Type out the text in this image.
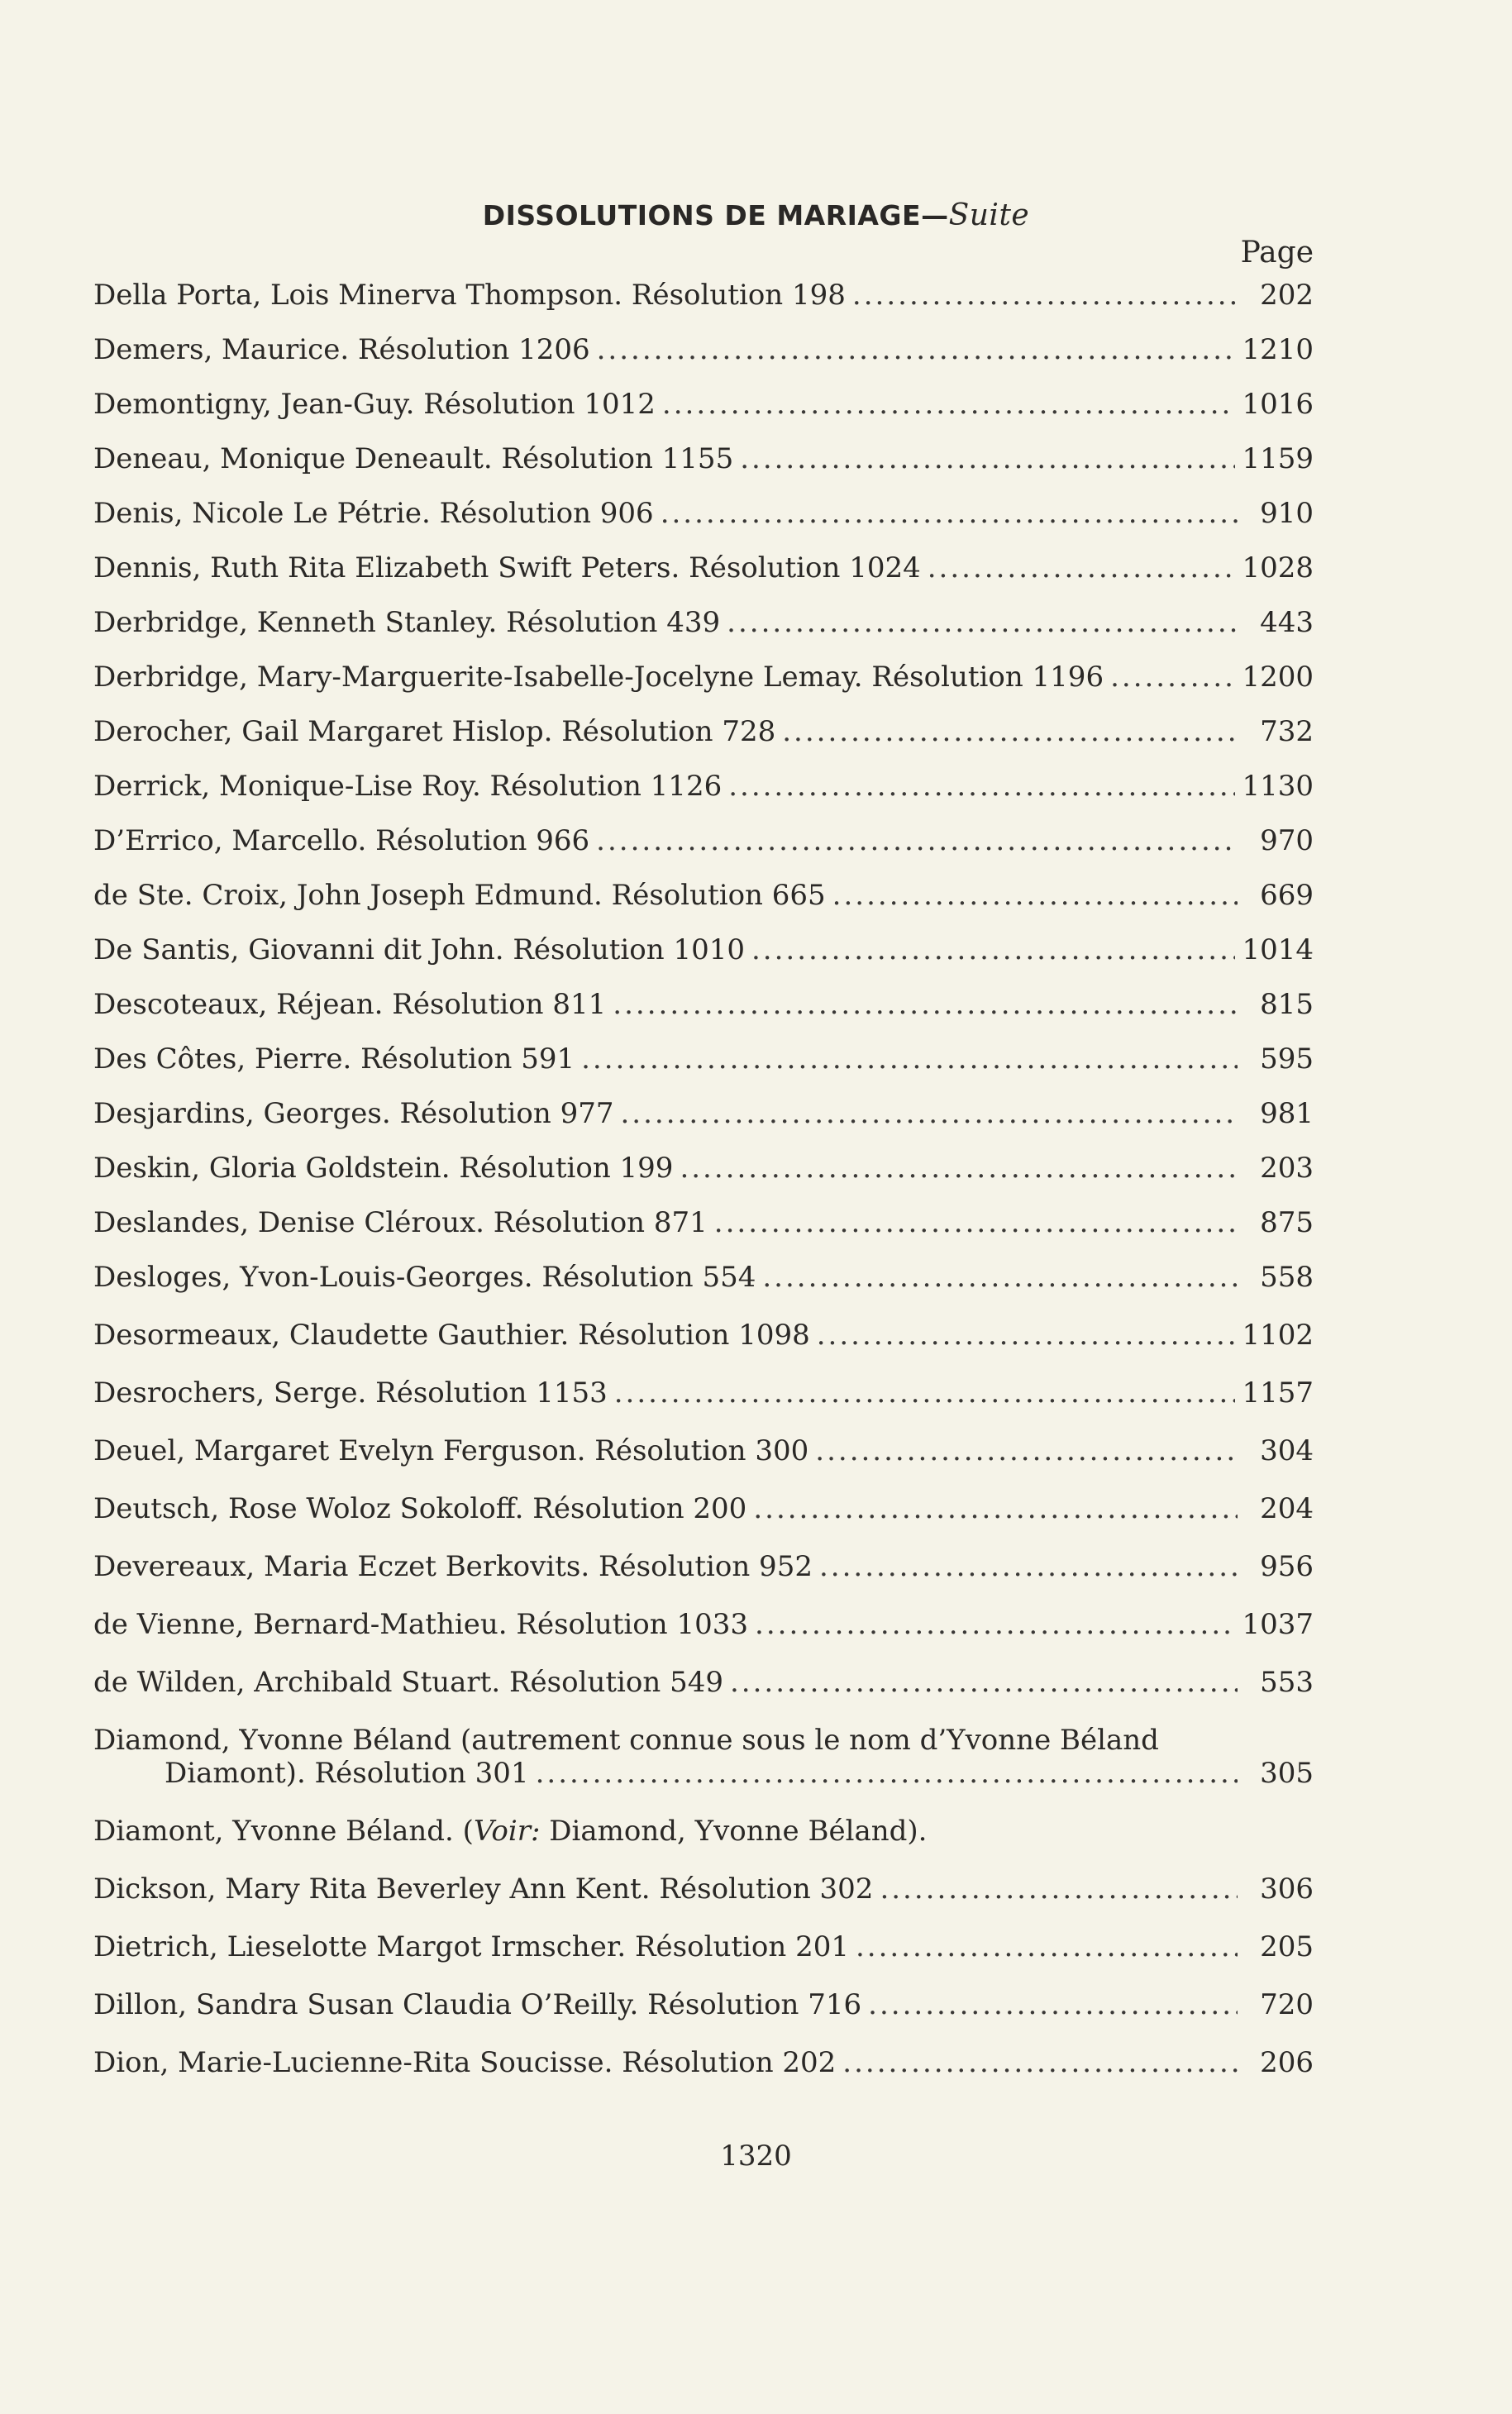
DISSOLUTIONS DE MARIAGE—Suite
Page
Della Porta, Lois Minerva Thompson. Résolution 198 .....	202
Demers, Maurice. Résolution 1206 .....	1210
Demontigny, Jean-Guy. Résolution 1012 .....	1016
Deneau, Monique Deneault. Résolution 1155 .....	1159
Denis, Nicole Le Pétrie. Résolution 906 .....	910
Dennis, Ruth Rita Elizabeth Swift Peters. Résolution 1024 .....	1028
Derbridge, Kenneth Stanley. Résolution 439 .....	443
Derbridge, Mary-Marguerite-Isabelle-Jocelyne Lemay. Résolution 1196 .....	1200
Derocher, Gail Margaret Hislop. Résolution 728 .....	732
Derrick, Monique-Lise Roy. Résolution 1126 .....	1130
D’Errico, Marcello. Résolution 966 .....	970
de Ste. Croix, John Joseph Edmund. Résolution 665 .....	669
De Santis, Giovanni dit John. Résolution 1010 .....	1014
Descoteaux, Réjean. Résolution 811 .....	815
Des Côtes, Pierre. Résolution 591 .....	595
Desjardins, Georges. Résolution 977 .....	981
Deskin, Gloria Goldstein. Résolution 199 .....	203
Deslandes, Denise Cléroux. Résolution 871 .....	875
Desloges, Yvon-Louis-Georges. Résolution 554 .....	558
Desormeaux, Claudette Gauthier. Résolution 1098 .....	1102
Desrochers, Serge. Résolution 1153 .....	1157
Deuel, Margaret Evelyn Ferguson. Résolution 300 .....	304
Deutsch, Rose Woloz Sokoloff. Résolution 200 .....	204
Devereaux, Maria Eczet Berkovits. Résolution 952 .....	956
de Vienne, Bernard-Mathieu. Résolution 1033 .....	1037
de Wilden, Archibald Stuart. Résolution 549 .....	553
Diamond, Yvonne Béland (autrement connue sous le nom d’Yvonne Béland
Diamont). Résolution 301 .....	305
Diamont, Yvonne Béland. (Voir: Diamond, Yvonne Béland).
Dickson, Mary Rita Beverley Ann Kent. Résolution 302 .....	306
Dietrich, Lieselotte Margot Irmscher. Résolution 201 .....	205
Dillon, Sandra Susan Claudia O’Reilly. Résolution 716 .....	720
Dion, Marie-Lucienne-Rita Soucisse. Résolution 202 .....	206
1320
